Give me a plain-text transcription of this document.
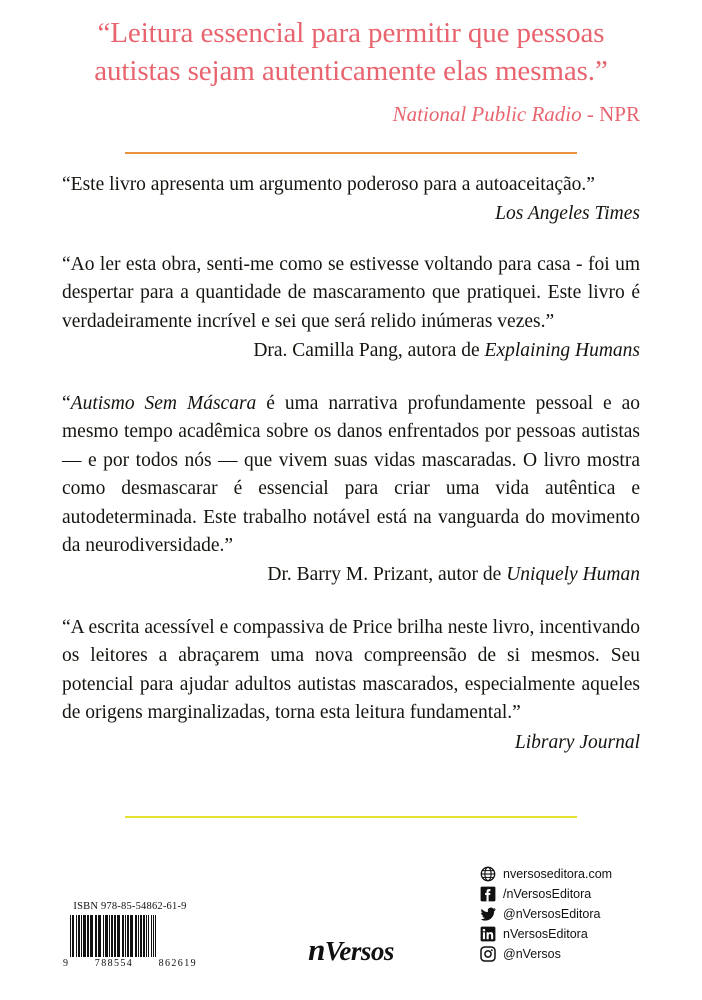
“Leitura essencial para permitir que pessoas autistas sejam autenticamente elas mesmas.”
National Public Radio - NPR
“Este livro apresenta um argumento poderoso para a autoaceitação.”
Los Angeles Times
“Ao ler esta obra, senti-me como se estivesse voltando para casa - foi um despertar para a quantidade de mascaramento que pratiquei. Este livro é verdadeiramente incrível e sei que será relido inúmeras vezes.”
Dra. Camilla Pang, autora de Explaining Humans
“Autismo Sem Máscara é uma narrativa profundamente pessoal e ao mesmo tempo acadêmica sobre os danos enfrentados por pessoas autistas — e por todos nós — que vivem suas vidas mascaradas. O livro mostra como desmascarar é essencial para criar uma vida autêntica e autodeterminada. Este trabalho notável está na vanguarda do movimento da neurodiversidade.”
Dr. Barry M. Prizant, autor de Uniquely Human
“A escrita acessível e compassiva de Price brilha neste livro, incentivando os leitores a abraçarem uma nova compreensão de si mesmos. Seu potencial para ajudar adultos autistas mascarados, especialmente aqueles de origens marginalizadas, torna esta leitura fundamental.”
Library Journal
ISBN 978-85-54862-61-9
9	788554	862619	nVersos
nversoseditora.com
/nVersosEditora
@nVersosEditora
nVersosEditora
@nVersos
